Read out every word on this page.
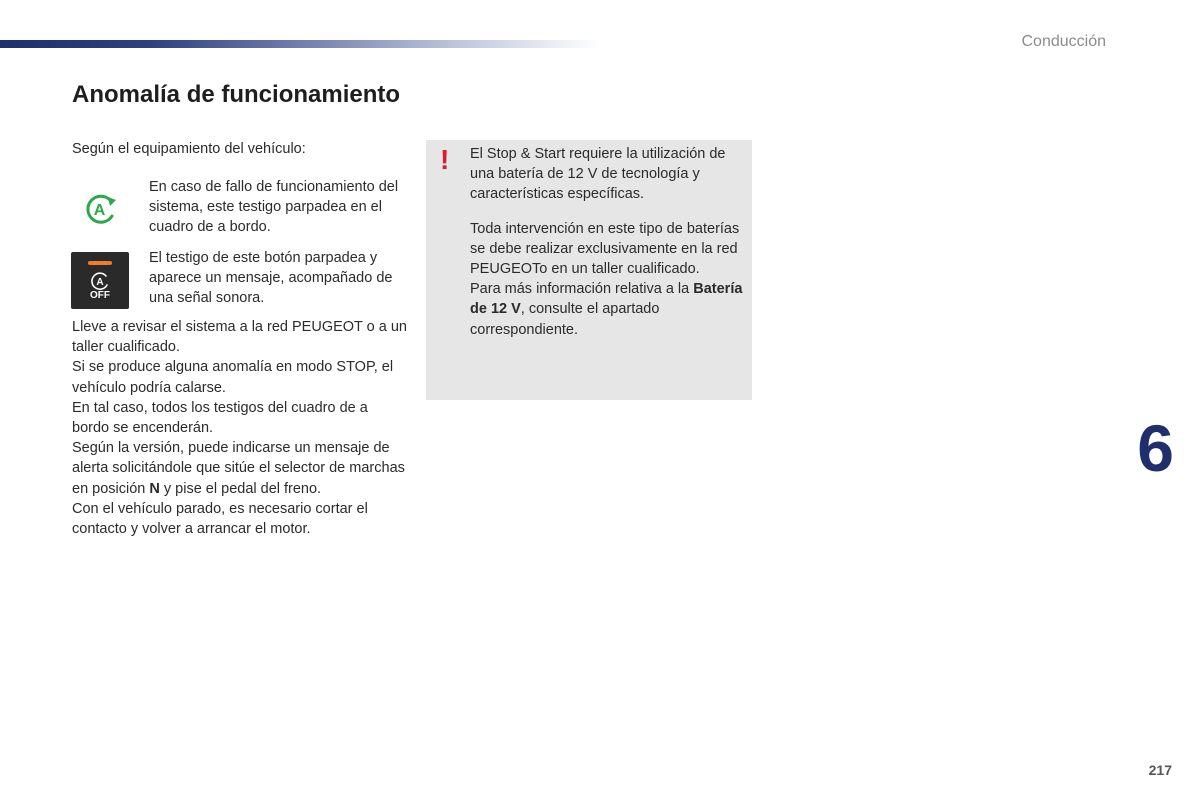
Conducción
Anomalía de funcionamiento
Según el equipamiento del vehículo:
A
En caso de fallo de funcionamiento del sistema, este testigo parpadea en el cuadro de a bordo.
A
OFF
El testigo de este botón parpadea y aparece un mensaje, acompañado de una señal sonora.

Lleve a revisar el sistema a la red PEUGEOT o a un taller cualificado.

Si se produce alguna anomalía en modo STOP, el vehículo podría calarse.

En tal caso, todos los testigos del cuadro de a bordo se encenderán.

Según la versión, puede indicarse un mensaje de alerta solicitándole que sitúe el selector de marchas en posición N y pise el pedal del freno.

Con el vehículo parado, es necesario cortar el contacto y volver a arrancar el motor.

! El Stop & Start requiere la utilización de una batería de 12 V de tecnología y características específicas.

Toda intervención en este tipo de baterías se debe realizar exclusivamente en la red PEUGEOTo en un taller cualificado.

Para más información relativa a la Batería de 12 V, consulte el apartado correspondiente.

6
217
